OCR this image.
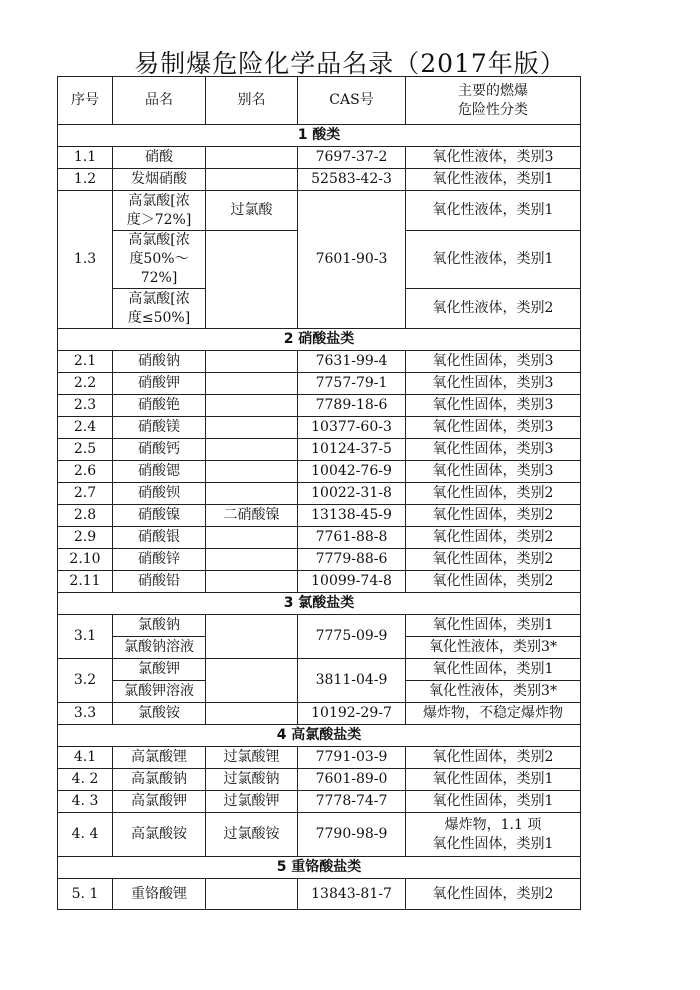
易制爆危险化学品名录（2017年版）
序号	品名	别名	CAS号	主要的燃爆
危险性分类

1 酸类				
1.1	硝酸		7697-37-2	氧化性液体，类别3
1.2	发烟硝酸		52583-42-3	氧化性液体，类别1
1.3	高氯酸[浓
度＞72%]	过氯酸	7601-90-3	氧化性液体，类别1

	高氯酸[浓
度50%～
72%]			氧化性液体，类别1

	高氯酸[浓
度≤50%]			氧化性液体，类别2
2 硝酸盐类				
2.1	硝酸钠		7631-99-4	氧化性固体，类别3
2.2	硝酸钾		7757-79-1	氧化性固体，类别3
2.3	硝酸铯		7789-18-6	氧化性固体，类别3
2.4	硝酸镁		10377-60-3	氧化性固体，类别3
2.5	硝酸钙		10124-37-5	氧化性固体，类别3
2.6	硝酸锶		10042-76-9	氧化性固体，类别3
2.7	硝酸钡		10022-31-8	氧化性固体，类别2
2.8	硝酸镍	二硝酸镍	13138-45-9	氧化性固体，类别2
2.9	硝酸银		7761-88-8	氧化性固体，类别2
2.10	硝酸锌		7779-88-6	氧化性固体，类别2
2.11	硝酸铅		10099-74-8	氧化性固体，类别2
3 氯酸盐类				
3.1	氯酸钠		7775-09-9	氧化性固体，类别1
	氯酸钠溶液			氧化性液体，类别3*
3.2	氯酸钾		3811-04-9	氧化性固体，类别1
	氯酸钾溶液			氧化性液体，类别3*
3.3	氯酸铵		10192-29-7	爆炸物，不稳定爆炸物
4 高氯酸盐类				
4.1	高氯酸锂	过氯酸锂	7791-03-9	氧化性固体，类别2
4. 2	高氯酸钠	过氯酸钠	7601-89-0	氧化性固体，类别1
4. 3	高氯酸钾	过氯酸钾	7778-74-7	氧化性固体，类别1
4. 4	高氯酸铵	过氯酸铵	7790-98-9	爆炸物，1.1 项
氧化性固体，类别1

5 重铬酸盐类				
5. 1	重铬酸锂		13843-81-7	氧化性固体，类别2
